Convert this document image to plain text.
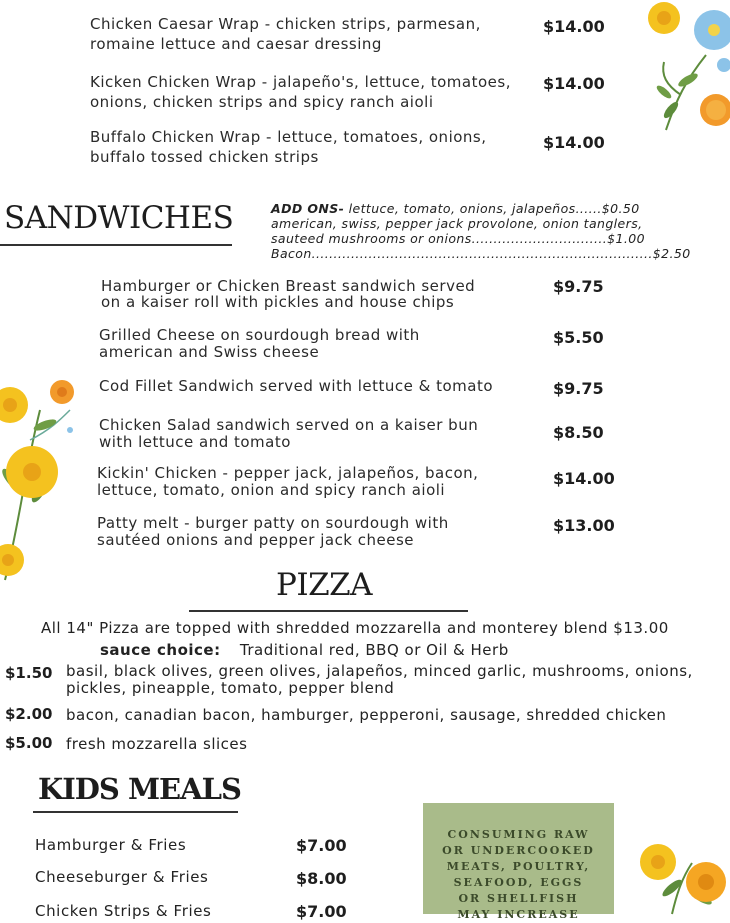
Chicken Caesar Wrap - chicken strips, parmesan,
romaine lettuce and caesar dressing
$14.00
Kicken Chicken Wrap - jalapeño's, lettuce, tomatoes,
onions, chicken strips and spicy ranch aioli
$14.00
Buffalo Chicken Wrap - lettuce, tomatoes, onions,
buffalo tossed chicken strips
$14.00
SANDWICHES	ADD ONS- lettuce, tomato, onions, jalapeños......$0.50
american, swiss, pepper jack provolone, onion tanglers,
sauteed mushrooms or onions...............................$1.00
Bacon..............................................................................$2.50
Hamburger or Chicken Breast sandwich served
on a kaiser roll with pickles and house chips
$9.75
Grilled Cheese on sourdough bread with
american and Swiss cheese
$5.50
Cod Fillet Sandwich served with lettuce & tomato	$9.75
Chicken Salad sandwich served on a kaiser bun
with lettuce and tomato	$8.50
Kickin' Chicken - pepper jack, jalapeños, bacon,
lettuce, tomato, onion and spicy ranch aioli
$14.00
Patty melt - burger patty on sourdough with
sautéed onions and pepper jack cheese
$13.00
PIZZA
All 14" Pizza are topped with shredded mozzarella and monterey blend $13.00
sauce choice: Traditional red, BBQ or Oil & Herb
$1.50 basil, black olives, green olives, jalapeños, minced garlic, mushrooms, onions,
pickles, pineapple, tomato, pepper blend
$2.00 bacon, canadian bacon, hamburger, pepperoni, sausage, shredded chicken
$5.00 fresh mozzarella slices
KIDS MEALS
Hamburger & Fries	$7.00
Cheeseburger & Fries	$8.00
Chicken Strips & Fries	$7.00
CONSUMING RAW
OR UNDERCOOKED
MEATS, POULTRY,
SEAFOOD, EGGS
OR SHELLFISH
MAY INCREASE
